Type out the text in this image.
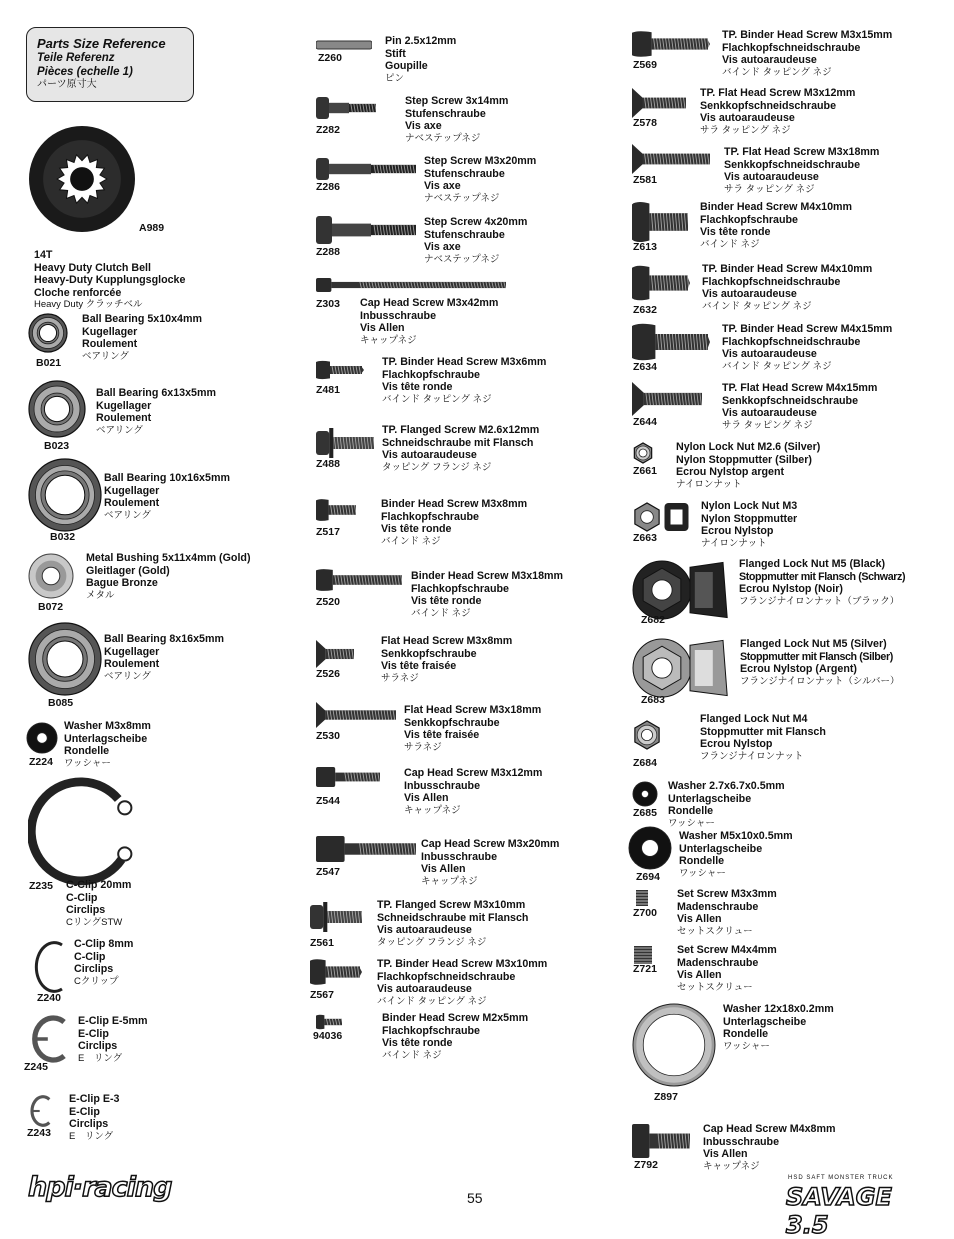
Parts Size Reference
Teile Referenz
Pièces (echelle 1)
パーツ原寸大
A989
14T
Heavy Duty Clutch Bell
Heavy-Duty Kupplungsglocke
Cloche renforcée
Heavy Duty クラッチベル
B021
Ball Bearing 5x10x4mm
Kugellager
Roulement
ベアリング
B023
Ball Bearing 6x13x5mm
Kugellager
Roulement
ベアリング
B032
Ball Bearing 10x16x5mm
Kugellager
Roulement
ベアリング
B072
Metal Bushing 5x11x4mm (Gold)
Gleitlager (Gold)
Bague Bronze
メタル
B085
Ball Bearing 8x16x5mm
Kugellager
Roulement
ベアリング
Z224
Washer M3x8mm
Unterlagscheibe
Rondelle
ワッシャー
Z235 C-Clip 20mm
C-Clip
Circlips
CリングSTW
Z240
C-Clip 8mm
C-Clip
Circlips
Cクリップ
Z245
E-Clip E-5mm
E-Clip
Circlips
E　リング
Z243
E-Clip E-3
E-Clip
Circlips
E　リング
Z260
Pin 2.5x12mm
Stift
Goupille
ピン
Z282
Step Screw 3x14mm
Stufenschraube
Vis axe
ナベステップネジ
Z286
Step Screw M3x20mm
Stufenschraube
Vis axe
ナベステップネジ
Z288
Step Screw 4x20mm
Stufenschraube
Vis axe
ナベステップネジ
Z303 Cap Head Screw M3x42mm
Inbusschraube
Vis Allen
キャップネジ
Z481
TP. Binder Head Screw M3x6mm
Flachkopfschraube
Vis tête ronde
バインド タッピング ネジ
Z488
TP. Flanged Screw M2.6x12mm
Schneidschraube mit Flansch
Vis autoaraudeuse
タッピング フランジ ネジ
Z517
Binder Head Screw M3x8mm
Flachkopfschraube
Vis tête ronde
バインド ネジ
Z520
Binder Head Screw M3x18mm
Flachkopfschraube
Vis tête ronde
バインド ネジ
Z526
Flat Head Screw M3x8mm
Senkkopfschraube
Vis tête fraisée
サラネジ
Z530
Flat Head Screw M3x18mm
Senkkopfschraube
Vis tête fraisée
サラネジ
Z544
Cap Head Screw M3x12mm
Inbusschraube
Vis Allen
キャップネジ
Z547
Cap Head Screw M3x20mm
Inbusschraube
Vis Allen
キャップネジ
Z561
TP. Flanged Screw M3x10mm
Schneidschraube mit Flansch
Vis autoaraudeuse
タッピング フランジ ネジ
Z567
TP. Binder Head Screw M3x10mm
Flachkopfschneidschraube
Vis autoaraudeuse
バインド タッピング ネジ
94036
Binder Head Screw M2x5mm
Flachkopfschraube
Vis tête ronde
バインド ネジ
Z569
TP. Binder Head Screw M3x15mm
Flachkopfschneidschraube
Vis autoaraudeuse
バインド タッピング ネジ
Z578
TP. Flat Head Screw M3x12mm
Senkkopfschneidschraube
Vis autoaraudeuse
サラ タッピング ネジ
Z581
TP. Flat Head Screw M3x18mm
Senkkopfschneidschraube
Vis autoaraudeuse
サラ タッピング ネジ
Z613
Binder Head Screw M4x10mm
Flachkopfschraube
Vis tête ronde
バインド ネジ
Z632
TP. Binder Head Screw M4x10mm
Flachkopfschneidschraube
Vis autoaraudeuse
バインド タッピング ネジ
Z634
TP. Binder Head Screw M4x15mm
Flachkopfschneidschraube
Vis autoaraudeuse
バインド タッピング ネジ
Z644
TP. Flat Head Screw M4x15mm
Senkkopfschneidschraube
Vis autoaraudeuse
サラ タッピング ネジ
Z661
Nylon Lock Nut M2.6 (Silver)
Nylon Stoppmutter (Silber)
Ecrou Nylstop argent
ナイロンナット
Z663
Nylon Lock Nut M3
Nylon Stoppmutter
Ecrou Nylstop
ナイロンナット
Z682
Flanged Lock Nut M5 (Black)
Stoppmutter mit Flansch (Schwarz)
Ecrou Nylstop (Noir)
フランジナイロンナット（ブラック）
Z683
Flanged Lock Nut M5 (Silver)
Stoppmutter mit Flansch (Silber)
Ecrou Nylstop (Argent)
フランジナイロンナット（シルバー）
Z684
Flanged Lock Nut M4
Stoppmutter mit Flansch
Ecrou Nylstop
フランジナイロンナット
Z685
Washer 2.7x6.7x0.5mm
Unterlagscheibe
Rondelle
ワッシャー
Z694
Washer M5x10x0.5mm
Unterlagscheibe
Rondelle
ワッシャー
Z700
Set Screw M3x3mm
Madenschraube
Vis Allen
セットスクリュー
Z721
Set Screw M4x4mm
Madenschraube
Vis Allen
セットスクリュー
Z897
Washer 12x18x0.2mm
Unterlagscheibe
Rondelle
ワッシャー
Z792
Cap Head Screw M4x8mm
Inbusschraube
Vis Allen
キャップネジ
55
hpi·racing	HSD SAFT MONSTER TRUCK
SAVAGE 3.5
